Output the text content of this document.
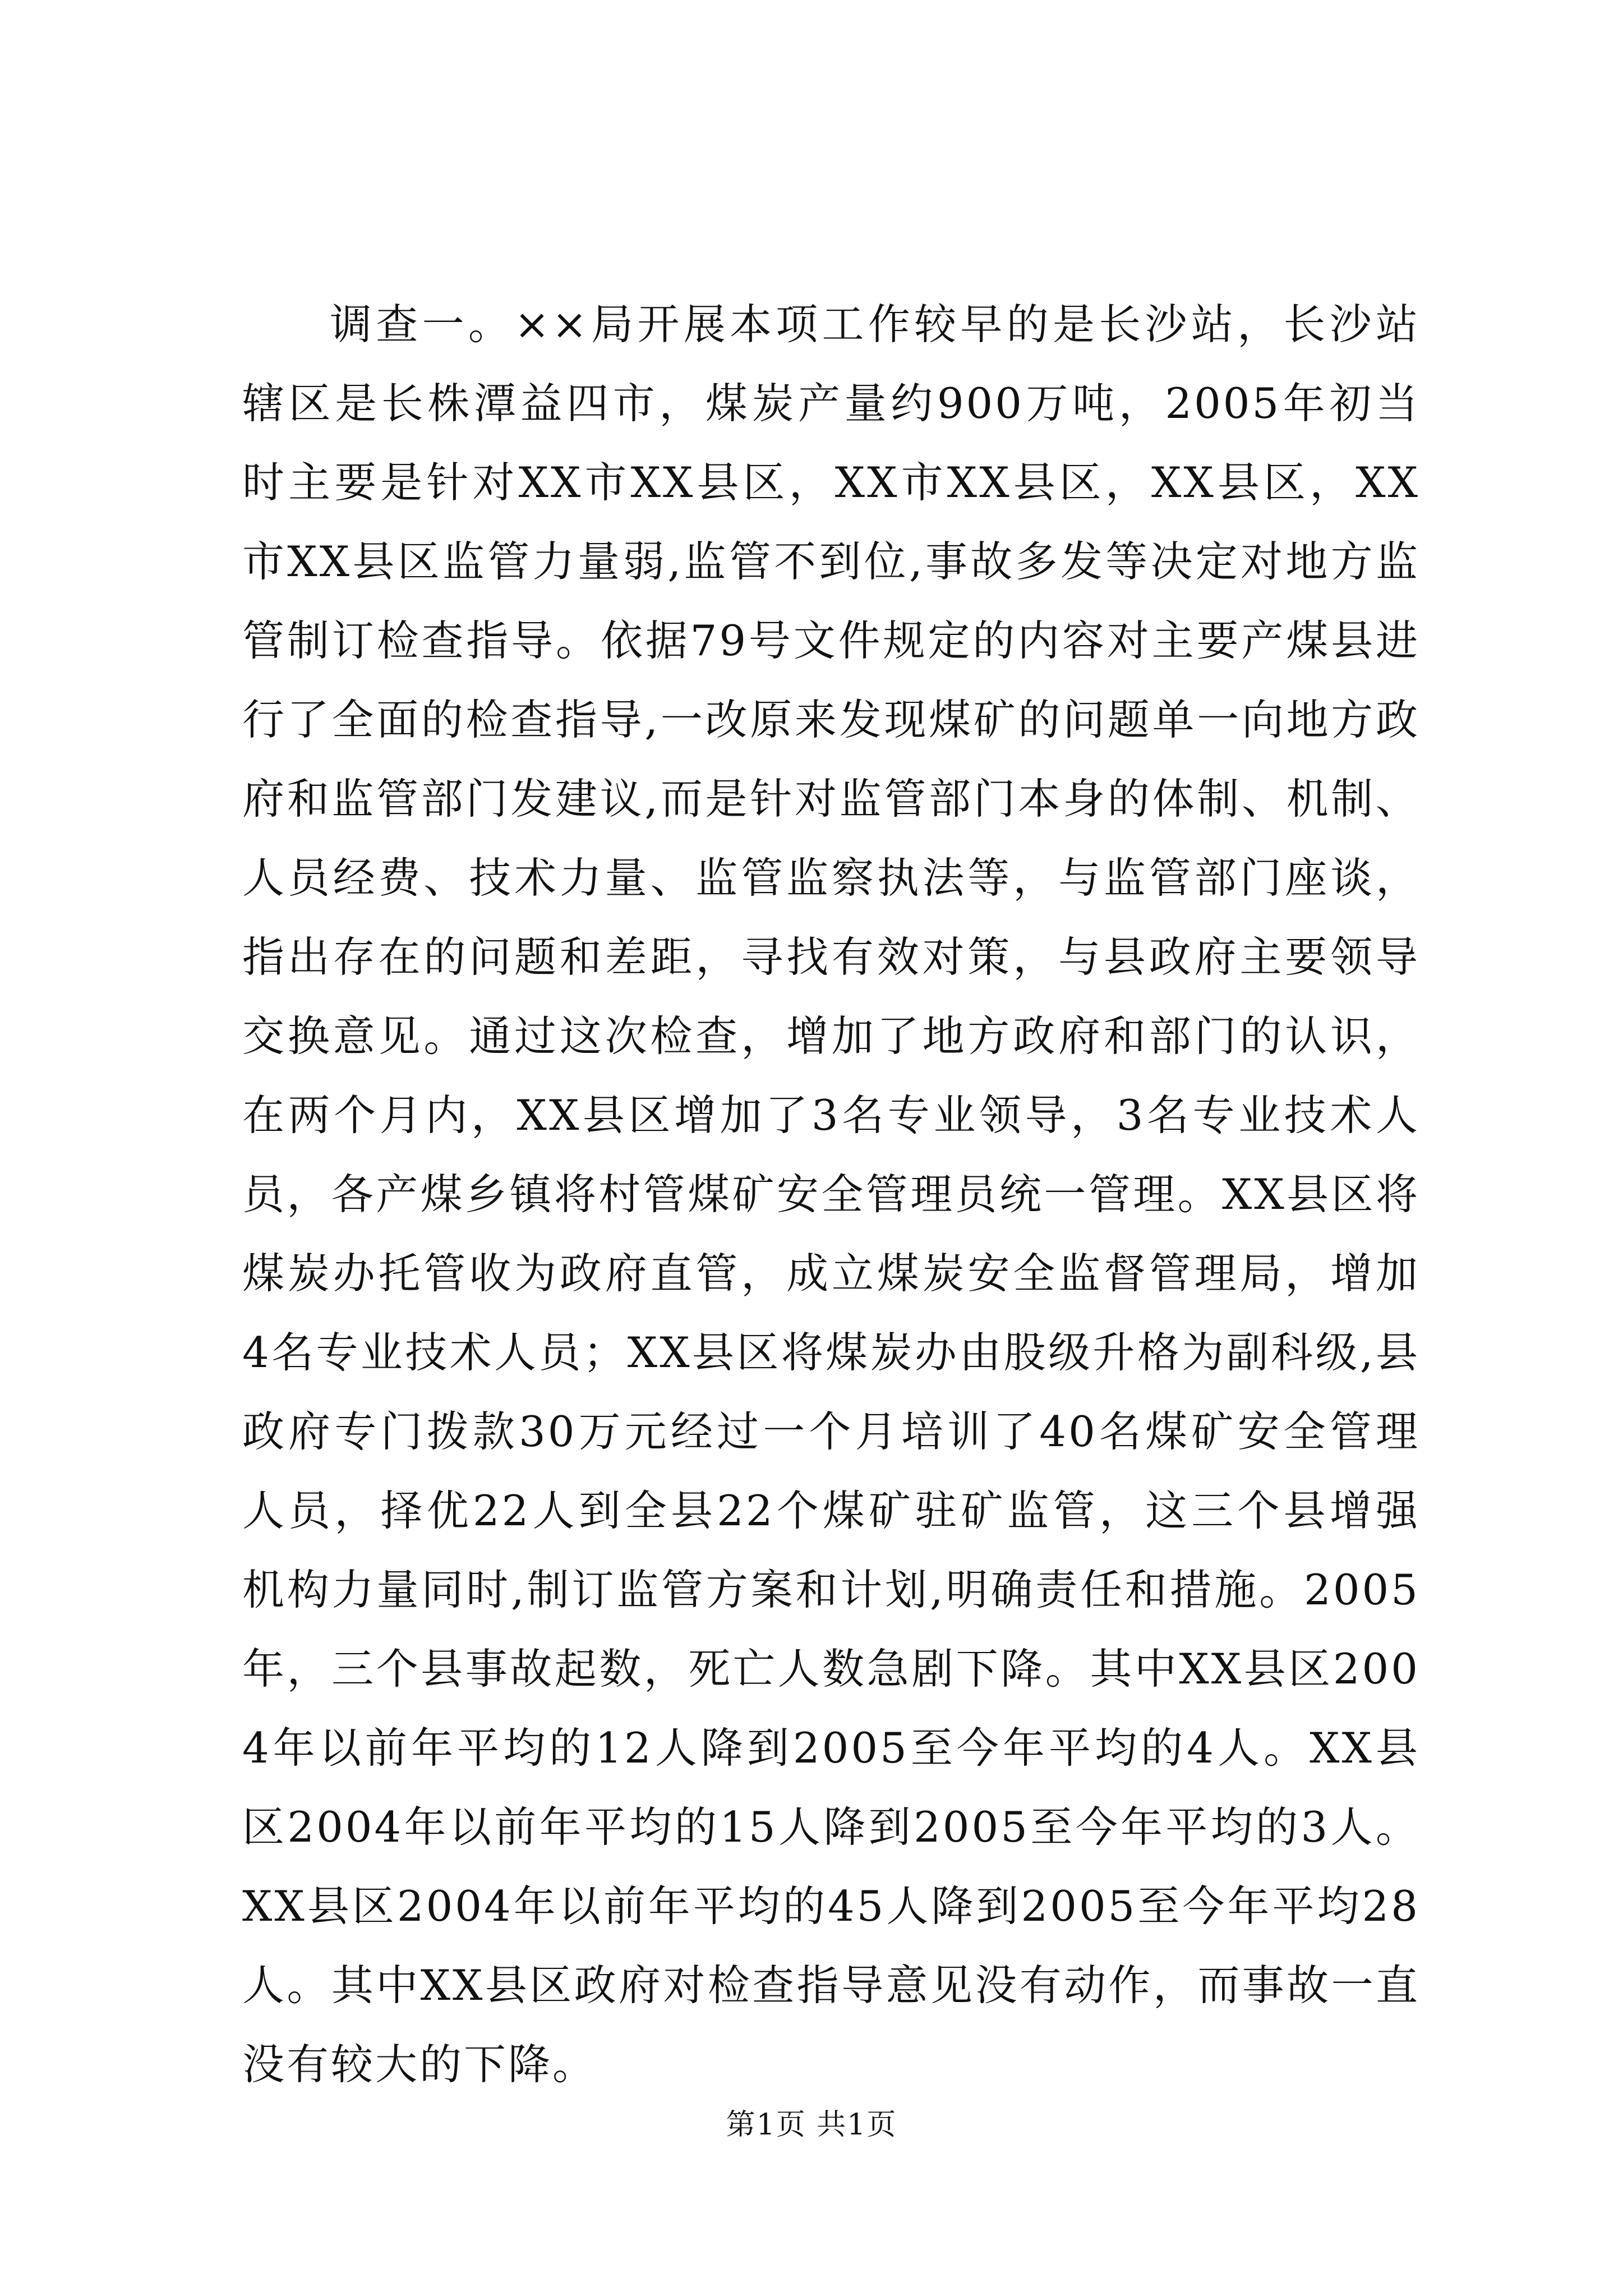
调查一。××局开展本项工作较早的是长沙站，长沙站辖区是长株潭益四市，煤炭产量约900万吨，2005年初当时主要是针对XX市XX县区，XX市XX县区，XX县区，XX市XX县区监管力量弱,监管不到位,事故多发等决定对地方监管制订检查指导。依据79号文件规定的内容对主要产煤县进行了全面的检查指导,一改原来发现煤矿的问题单一向地方政府和监管部门发建议,而是针对监管部门本身的体制、机制、人员经费、技术力量、监管监察执法等，与监管部门座谈，指出存在的问题和差距，寻找有效对策，与县政府主要领导交换意见。通过这次检查，增加了地方政府和部门的认识，在两个月内，XX县区增加了3名专业领导，3名专业技术人员，各产煤乡镇将村管煤矿安全管理员统一管理。XX县区将煤炭办托管收为政府直管，成立煤炭安全监督管理局，增加4名专业技术人员；XX县区将煤炭办由股级升格为副科级,县政府专门拨款30万元经过一个月培训了40名煤矿安全管理人员，择优22人到全县22个煤矿驻矿监管，这三个县增强机构力量同时,制订监管方案和计划,明确责任和措施。2005年，三个县事故起数，死亡人数急剧下降。其中XX县区2004年以前年平均的12人降到2005至今年平均的4人。XX县区2004年以前年平均的15人降到2005至今年平均的3人。XX县区2004年以前年平均的45人降到2005至今年平均28人。其中XX县区政府对检查指导意见没有动作，而事故一直没有较大的下降。

第1页 共1页
